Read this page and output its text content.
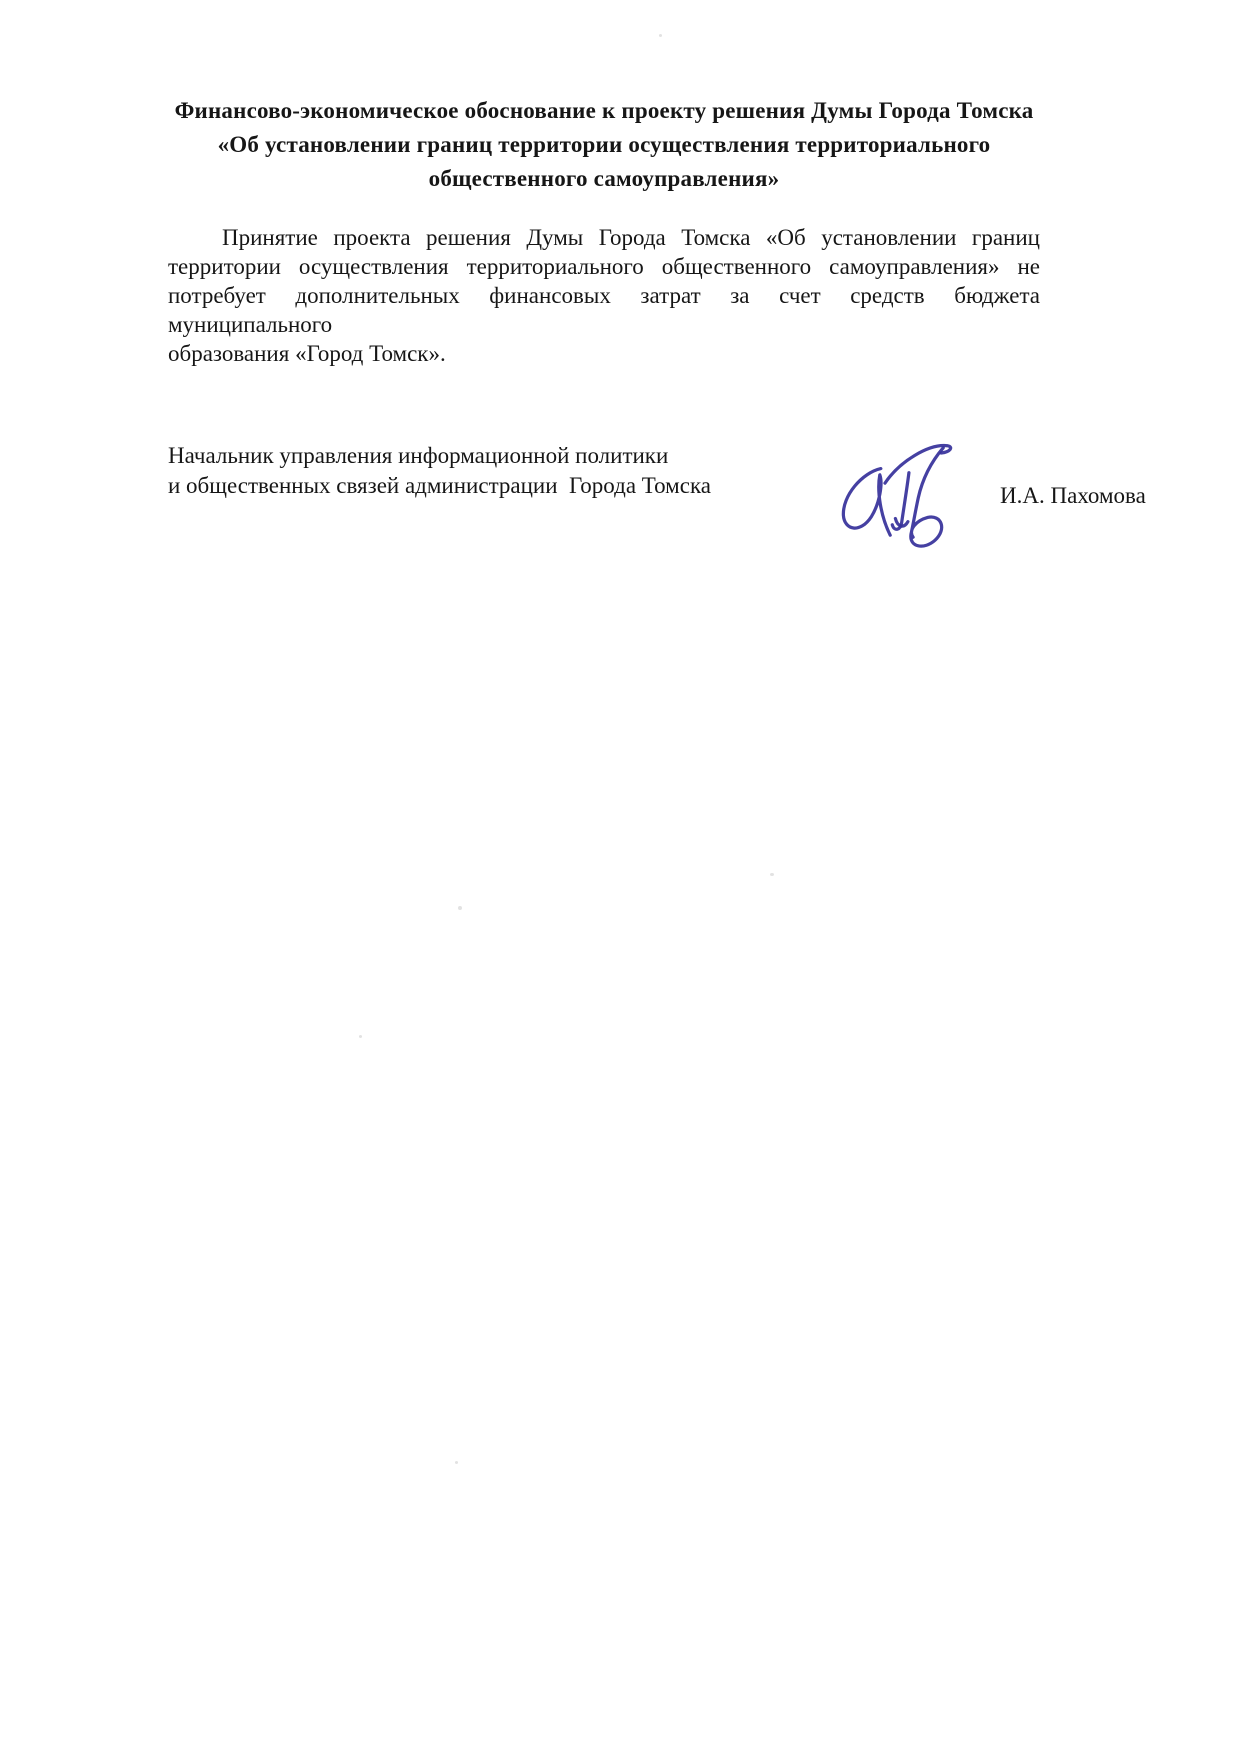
Финансово-экономическое обоснование к проекту решения Думы Города Томска
«Об установлении границ территории осуществления территориального
общественного самоуправления»
Принятие проекта решения Думы Города Томска «Об установлении границ
территории осуществления территориального общественного самоуправления» не
потребует дополнительных финансовых затрат за счет средств бюджета муниципального
образования «Город Томск».
Начальник управления информационной политики
и общественных связей администрации  Города Томска	И.А. Пахомова
